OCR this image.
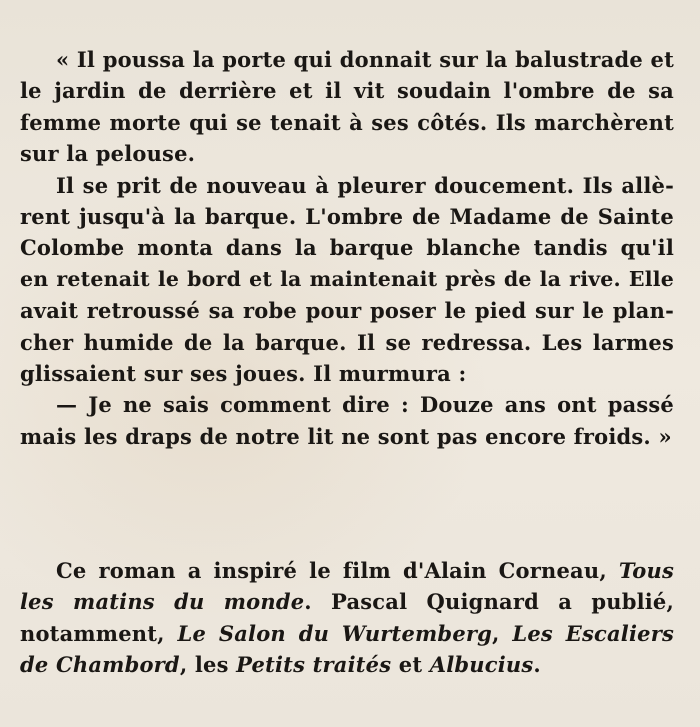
« Il poussa la porte qui donnait sur la balustrade et
le jardin de derrière et il vit soudain l'ombre de sa
femme morte qui se tenait à ses côtés. Ils marchèrent
sur la pelouse.
Il se prit de nouveau à pleurer doucement. Ils allè-
rent jusqu'à la barque. L'ombre de Madame de Sainte
Colombe monta dans la barque blanche tandis qu'il
en retenait le bord et la maintenait près de la rive. Elle
avait retroussé sa robe pour poser le pied sur le plan-
cher humide de la barque. Il se redressa. Les larmes
glissaient sur ses joues. Il murmura :
— Je ne sais comment dire : Douze ans ont passé
mais les draps de notre lit ne sont pas encore froids. »
Ce roman a inspiré le film d'Alain Corneau, Tous
les matins du monde. Pascal Quignard a publié,
notamment, Le Salon du Wurtemberg, Les Escaliers
de Chambord, les Petits traités et Albucius.
